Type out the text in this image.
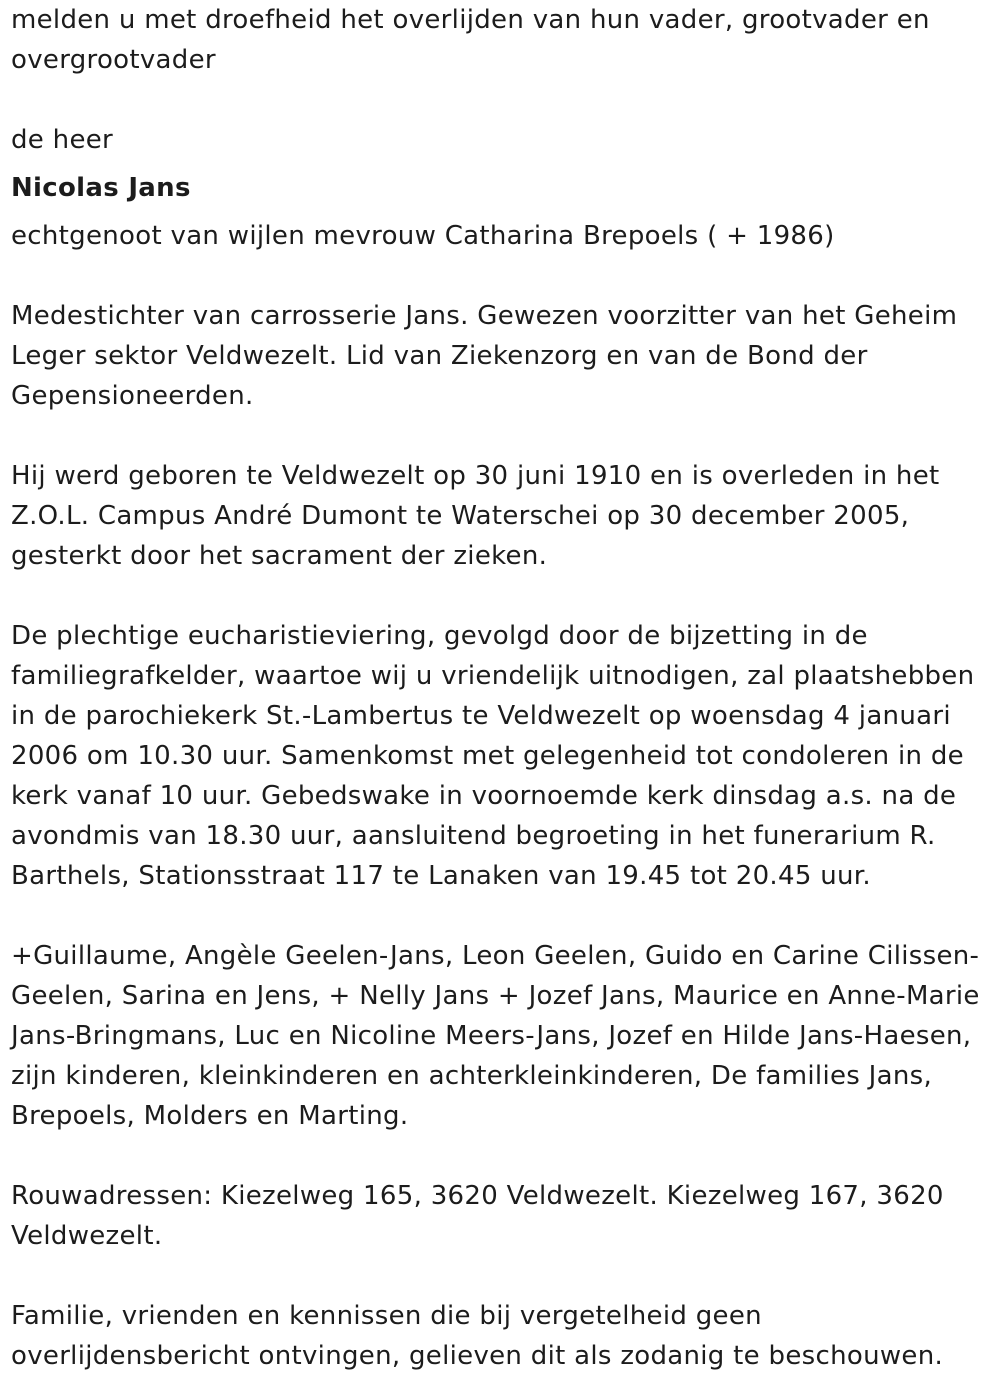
melden u met droefheid het overlijden van hun vader, grootvader en overgrootvader

de heer

Nicolas Jans

echtgenoot van wijlen mevrouw Catharina Brepoels ( + 1986)

Medestichter van carrosserie Jans. Gewezen voorzitter van het Geheim Leger sektor Veldwezelt. Lid van Ziekenzorg en van de Bond der Gepensioneerden.

Hij werd geboren te Veldwezelt op 30 juni 1910 en is overleden in het Z.O.L. Campus André Dumont te Waterschei op 30 december 2005, gesterkt door het sacrament der zieken.

De plechtige eucharistieviering, gevolgd door de bijzetting in de familiegrafkelder, waartoe wij u vriendelijk uitnodigen, zal plaatshebben in de parochiekerk St.-Lambertus te Veldwezelt op woensdag 4 januari 2006 om 10.30 uur. Samenkomst met gelegenheid tot condoleren in de kerk vanaf 10 uur. Gebedswake in voornoemde kerk dinsdag a.s. na de avondmis van 18.30 uur, aansluitend begroeting in het funerarium R. Barthels, Stationsstraat 117 te Lanaken van 19.45 tot 20.45 uur.

+Guillaume, Angèle Geelen-Jans, Leon Geelen, Guido en Carine Cilissen-Geelen, Sarina en Jens, + Nelly Jans + Jozef Jans, Maurice en Anne-Marie Jans-Bringmans, Luc en Nicoline Meers-Jans, Jozef en Hilde Jans-Haesen, zijn kinderen, kleinkinderen en achterkleinkinderen, De families Jans, Brepoels, Molders en Marting.

Rouwadressen: Kiezelweg 165, 3620 Veldwezelt. Kiezelweg 167, 3620 Veldwezelt.

Familie, vrienden en kennissen die bij vergetelheid geen overlijdensbericht ontvingen, gelieven dit als zodanig te beschouwen.
